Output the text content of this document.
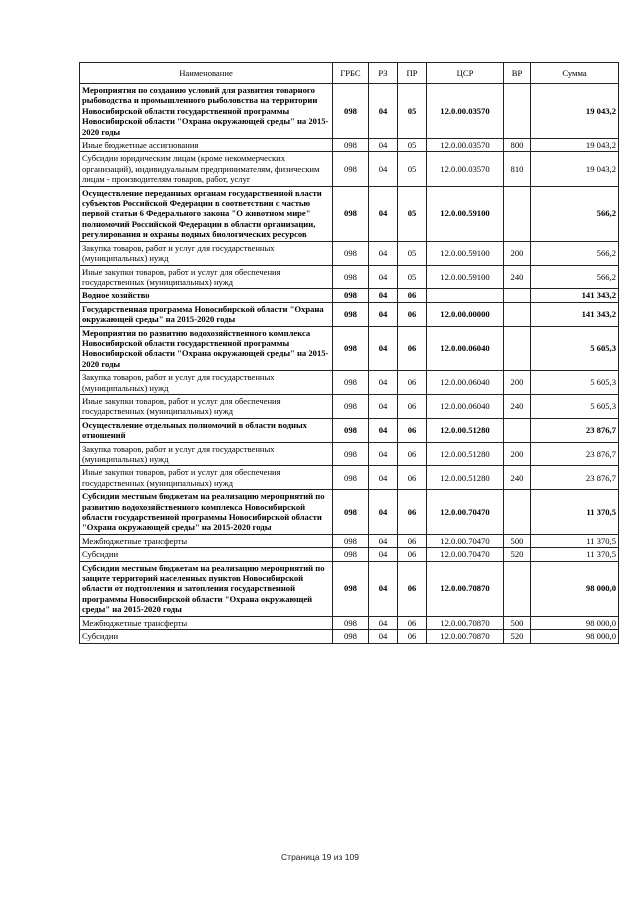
Наименование	ГРБС	РЗ	ПР	ЦСР	ВР	Сумма
Мероприятия по созданию условий для развития товарного рыбоводства и промышленного рыболовства на территории Новосибирской области государственной программы Новосибирской области "Охрана окружающей среды" на 2015-2020 годы	098	04	05	12.0.00.03570		19 043,2
Иные бюджетные ассигнования	098	04	05	12.0.00.03570	800	19 043,2
Субсидии юридическим лицам (кроме некоммерческих организаций), индивидуальным предпринимателям, физическим лицам - производителям товаров, работ, услуг	098	04	05	12.0.00.03570	810	19 043,2
Осуществление переданных органам государственной власти субъектов Российской Федерации в соответствии с частью первой статьи 6 Федерального закона "О животном мире" полномочий Российской Федерации в области организации, регулирования и охраны водных биологических ресурсов	098	04	05	12.0.00.59100		566,2
Закупка товаров, работ и услуг для государственных (муниципальных) нужд	098	04	05	12.0.00.59100	200	566,2
Иные закупки товаров, работ и услуг для обеспечения государственных (муниципальных) нужд	098	04	05	12.0.00.59100	240	566,2
Водное хозяйство	098	04	06			141 343,2
Государственная программа Новосибирской области "Охрана окружающей среды" на 2015-2020 годы	098	04	06	12.0.00.00000		141 343,2
Мероприятия по развитию водохозяйственного комплекса Новосибирской области государственной программы Новосибирской области "Охрана окружающей среды" на 2015-2020 годы	098	04	06	12.0.00.06040		5 605,3
Закупка товаров, работ и услуг для государственных (муниципальных) нужд	098	04	06	12.0.00.06040	200	5 605,3
Иные закупки товаров, работ и услуг для обеспечения государственных (муниципальных) нужд	098	04	06	12.0.00.06040	240	5 605,3
Осуществление отдельных полномочий в области водных отношений	098	04	06	12.0.00.51280		23 876,7
Закупка товаров, работ и услуг для государственных (муниципальных) нужд	098	04	06	12.0.00.51280	200	23 876,7
Иные закупки товаров, работ и услуг для обеспечения государственных (муниципальных) нужд	098	04	06	12.0.00.51280	240	23 876,7
Субсидии местным бюджетам на реализацию мероприятий по развитию водохозяйственного комплекса Новосибирской области государственной программы Новосибирской области "Охрана окружающей среды" на 2015-2020 годы	098	04	06	12.0.00.70470		11 370,5
Межбюджетные трансферты	098	04	06	12.0.00.70470	500	11 370,5
Субсидии	098	04	06	12.0.00.70470	520	11 370,5
Субсидии местным бюджетам на реализацию мероприятий по защите территорий населенных пунктов Новосибирской области от подтопления и затопления государственной программы Новосибирской области "Охрана окружающей среды" на 2015-2020 годы	098	04	06	12.0.00.70870		98 000,0
Межбюджетные трансферты	098	04	06	12.0.00.70870	500	98 000,0
Субсидии	098	04	06	12.0.00.70870	520	98 000,0
Страница 19 из 109
